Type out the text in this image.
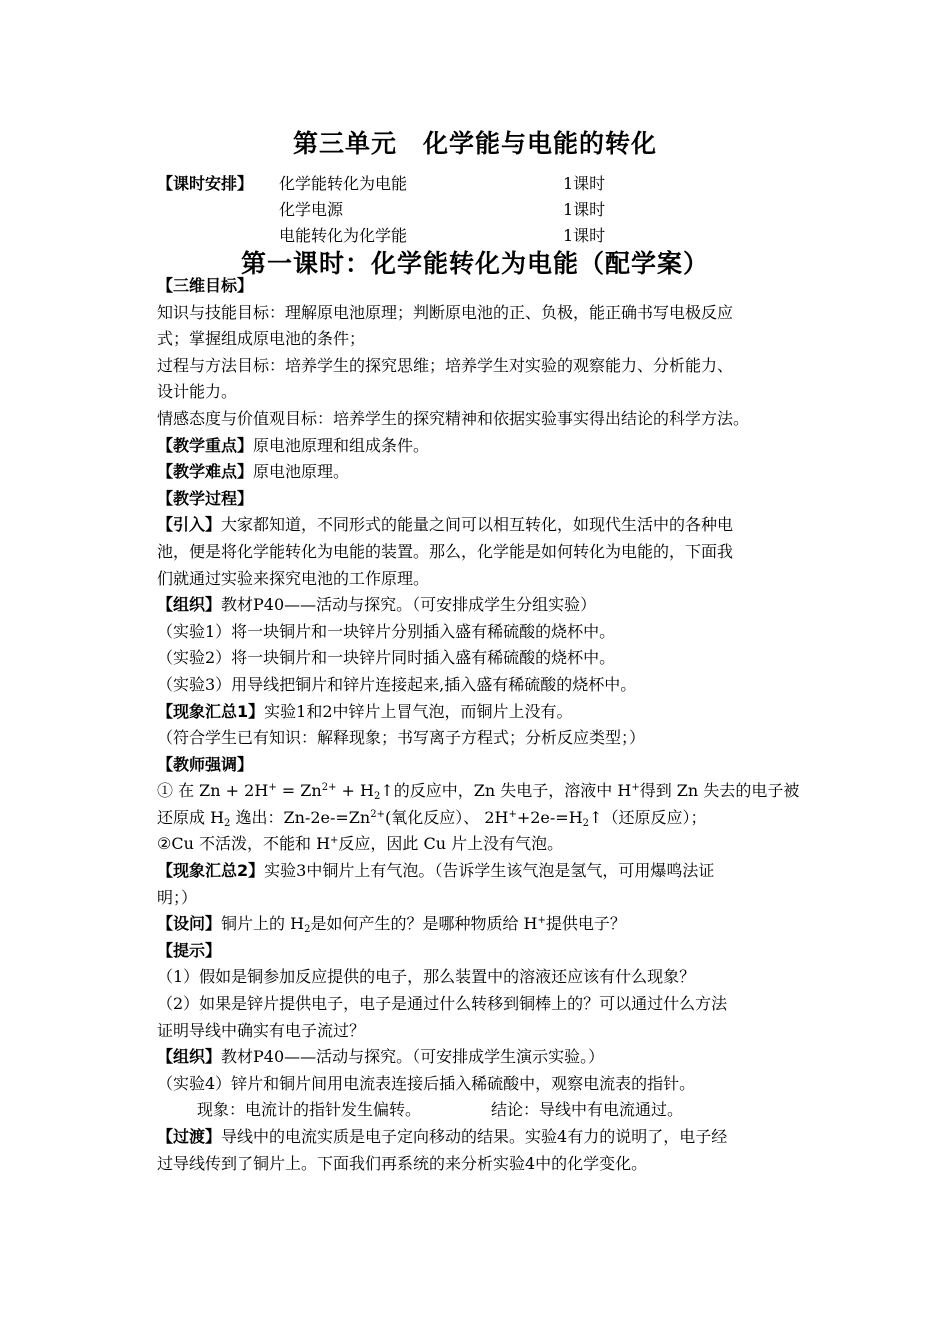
第三单元　化学能与电能的转化
【课时安排】 化学能转化为电能	1课时
化学电源	1课时
电能转化为化学能	1课时
第一课时：化学能转化为电能（配学案）
【三维目标】
知识与技能目标：理解原电池原理；判断原电池的正、负极，能正确书写电极反应
式；掌握组成原电池的条件；
过程与方法目标：培养学生的探究思维；培养学生对实验的观察能力、分析能力、
设计能力。
情感态度与价值观目标：培养学生的探究精神和依据实验事实得出结论的科学方法。
【教学重点】原电池原理和组成条件。
【教学难点】原电池原理。
【教学过程】
【引入】大家都知道，不同形式的能量之间可以相互转化，如现代生活中的各种电
池，便是将化学能转化为电能的装置。那么，化学能是如何转化为电能的，下面我
们就通过实验来探究电池的工作原理。
【组织】教材P40——活动与探究。（可安排成学生分组实验）
（实验1）将一块铜片和一块锌片分别插入盛有稀硫酸的烧杯中。
（实验2）将一块铜片和一块锌片同时插入盛有稀硫酸的烧杯中。
（实验3）用导线把铜片和锌片连接起来,插入盛有稀硫酸的烧杯中。
【现象汇总1】实验1和2中锌片上冒气泡，而铜片上没有。
（符合学生已有知识：解释现象；书写离子方程式；分析反应类型；）
【教师强调】
① 在 $Zn + 2H^+ = Zn^{2+}$ + $H_2↑$的反应中，Zn 失电子，溶液中 H+得到 Zn 失去的电子被
还原成 $H_2$ 逸出：$Zn-2e-=Zn^{2+}$(氧化反应）、 $2H^++2e-=H_2↑$（还原反应）；
②Cu 不活泼，不能和 H+反应，因此 Cu 片上没有气泡。
【现象汇总2】实验3中铜片上有气泡。（告诉学生该气泡是氢气，可用爆鸣法证
明；）
【设问】铜片上的 $H_2$是如何产生的？是哪种物质给 H+提供电子？
【提示】
（1）假如是铜参加反应提供的电子，那么装置中的溶液还应该有什么现象？
（2）如果是锌片提供电子，电子是通过什么转移到铜棒上的？可以通过什么方法
证明导线中确实有电子流过？
【组织】教材P40——活动与探究。（可安排成学生演示实验。）
（实验4）锌片和铜片间用电流表连接后插入稀硫酸中，观察电流表的指针。
现象：电流计的指针发生偏转。	结论：导线中有电流通过。
【过渡】导线中的电流实质是电子定向移动的结果。实验4有力的说明了，电子经
过导线传到了铜片上。下面我们再系统的来分析实验4中的化学变化。
